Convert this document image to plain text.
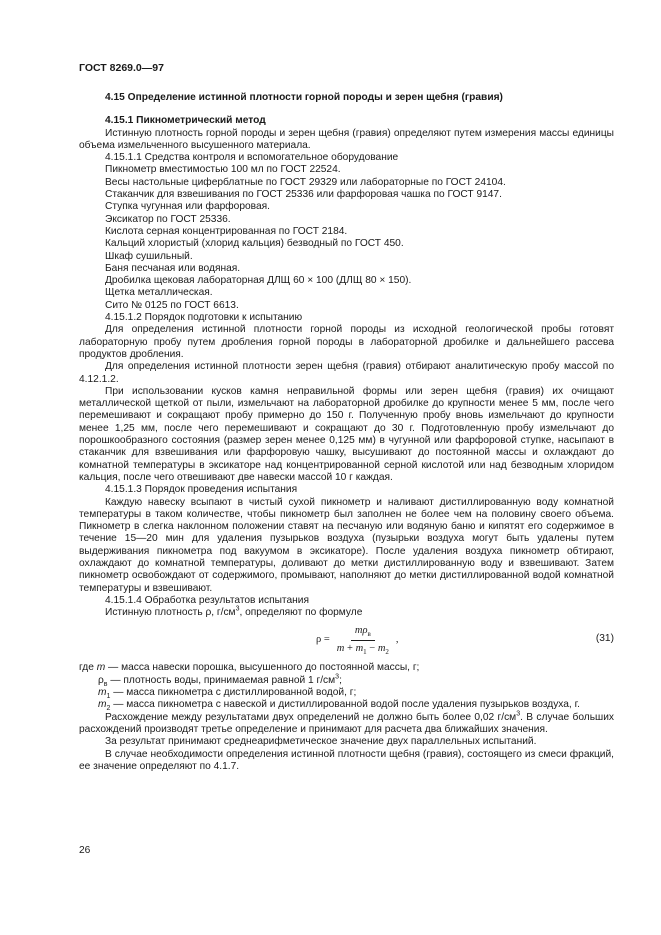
ГОСТ 8269.0—97

4.15 Определение истинной плотности горной породы и зерен щебня (гравия)

4.15.1 Пикнометрический метод

Истинную плотность горной породы и зерен щебня (гравия) определяют путем измерения массы единицы объема измельченного высушенного материала.

4.15.1.1 Средства контроля и вспомогательное оборудование

Пикнометр вместимостью 100 мл по ГОСТ 22524.

Весы настольные циферблатные по ГОСТ 29329 или лабораторные по ГОСТ 24104.

Стаканчик для взвешивания по ГОСТ 25336 или фарфоровая чашка по ГОСТ 9147.

Ступка чугунная или фарфоровая.

Эксикатор по ГОСТ 25336.

Кислота серная концентрированная по ГОСТ 2184.

Кальций хлористый (хлорид кальция) безводный по ГОСТ 450.

Шкаф сушильный.

Баня песчаная или водяная.

Дробилка щековая лабораторная ДЛЩ 60 × 100 (ДЛЩ 80 × 150).

Щетка металлическая.

Сито № 0125 по ГОСТ 6613.

4.15.1.2 Порядок подготовки к испытанию

Для определения истинной плотности горной породы из исходной геологической пробы готовят лабораторную пробу путем дробления горной породы в лабораторной дробилке и дальнейшего рассева продуктов дробления.

Для определения истинной плотности зерен щебня (гравия) отбирают аналитическую пробу массой по 4.12.1.2.

При использовании кусков камня неправильной формы или зерен щебня (гравия) их очищают металлической щеткой от пыли, измельчают на лабораторной дробилке до крупности менее 5 мм, после чего перемешивают и сокращают пробу примерно до 150 г. Полученную пробу вновь измельчают до крупности менее 1,25 мм, после чего перемешивают и сокращают до 30 г. Подготовленную пробу измельчают до порошкообразного состояния (размер зерен менее 0,125 мм) в чугунной или фарфоровой ступке, насыпают в стаканчик для взвешивания или фарфоровую чашку, высушивают до постоянной массы и охлаждают до комнатной температуры в эксикаторе над концентрированной серной кислотой или над безводным хлоридом кальция, после чего отвешивают две навески массой 10 г каждая.

4.15.1.3 Порядок проведения испытания

Каждую навеску всыпают в чистый сухой пикнометр и наливают дистиллированную воду комнатной температуры в таком количестве, чтобы пикнометр был заполнен не более чем на половину своего объема. Пикнометр в слегка наклонном положении ставят на песчаную или водяную баню и кипятят его содержимое в течение 15—20 мин для удаления пузырьков воздуха (пузырьки воздуха могут быть удалены путем выдерживания пикнометра под вакуумом в эксикаторе). После удаления воздуха пикнометр обтирают, охлаждают до комнатной температуры, доливают до метки дистиллированную воду и взвешивают. Затем пикнометр освобождают от содержимого, промывают, наполняют до метки дистиллированной водой комнатной температуры и взвешивают.

4.15.1.4 Обработка результатов испытания

Истинную плотность ρ, $г/см^3$, определяют по формуле

$\rho = \frac{m\rho_в}{m + m_1 - m_2}$ ,	(31)

где m — масса навески порошка, высушенного до постоянной массы, г;

$\rho_в$ — плотность воды, принимаемая равной 1 $г/см^3$;

$m_1$ — масса пикнометра с дистиллированной водой, г;

$m_2$ — масса пикнометра с навеской и дистиллированной водой после удаления пузырьков воздуха, г.

Расхождение между результатами двух определений не должно быть более 0,02 $г/см^3$. В случае больших расхождений производят третье определение и принимают для расчета два ближайших значения.

За результат принимают среднеарифметическое значение двух параллельных испытаний.

В случае необходимости определения истинной плотности щебня (гравия), состоящего из смеси фракций, ее значение определяют по 4.1.7.

26
